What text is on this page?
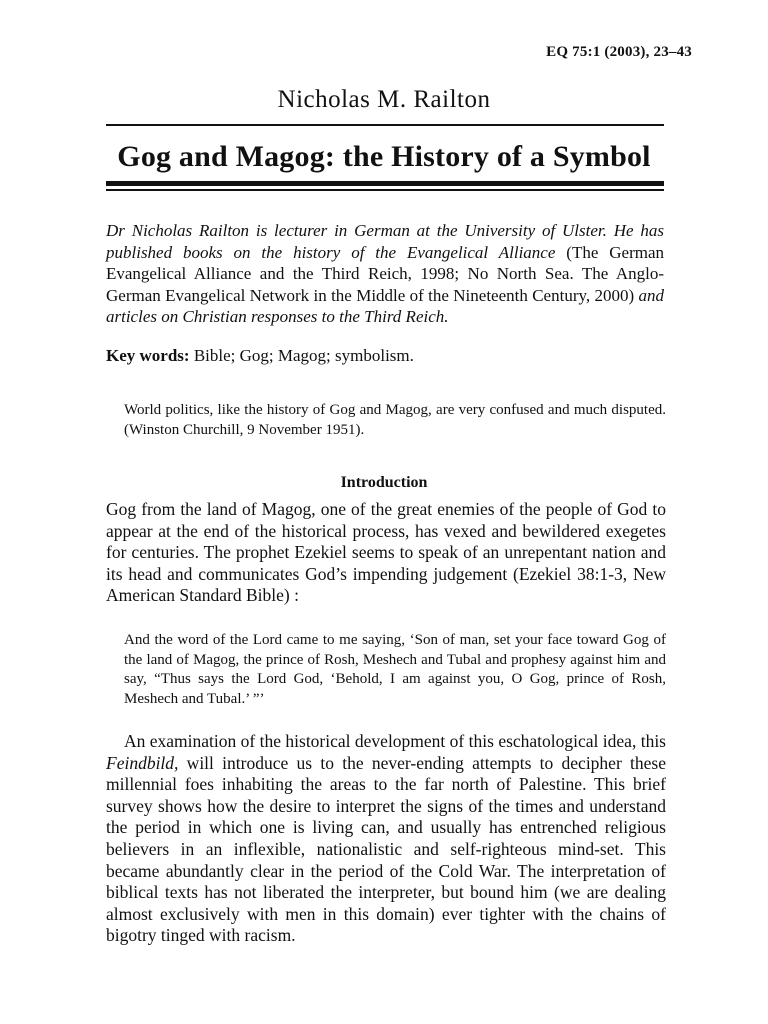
EQ 75:1 (2003), 23–43
Nicholas M. Railton
Gog and Magog: the History of a Symbol
Dr Nicholas Railton is lecturer in German at the University of Ulster. He has published books on the history of the Evangelical Alliance (The German Evangelical Alliance and the Third Reich, 1998; No North Sea. The Anglo-German Evangelical Network in the Middle of the Nineteenth Century, 2000) and articles on Christian responses to the Third Reich.
Key words: Bible; Gog; Magog; symbolism.
World politics, like the history of Gog and Magog, are very confused and much disputed. (Winston Churchill, 9 November 1951).
Introduction
Gog from the land of Magog, one of the great enemies of the people of God to appear at the end of the historical process, has vexed and bewildered exegetes for centuries. The prophet Ezekiel seems to speak of an unrepentant nation and its head and communicates God’s impending judgement (Ezekiel 38:1-3, New American Standard Bible) :
And the word of the Lord came to me saying, ‘Son of man, set your face toward Gog of the land of Magog, the prince of Rosh, Meshech and Tubal and prophesy against him and say, “Thus says the Lord God, ‘Behold, I am against you, O Gog, prince of Rosh, Meshech and Tubal.’ ”’
An examination of the historical development of this eschatological idea, this Feindbild, will introduce us to the never-ending attempts to decipher these millennial foes inhabiting the areas to the far north of Palestine. This brief survey shows how the desire to interpret the signs of the times and understand the period in which one is living can, and usually has entrenched religious believers in an inflexible, nationalistic and self-righteous mind-set. This became abundantly clear in the period of the Cold War. The interpretation of biblical texts has not liberated the interpreter, but bound him (we are dealing almost exclusively with men in this domain) ever tighter with the chains of bigotry tinged with racism.
